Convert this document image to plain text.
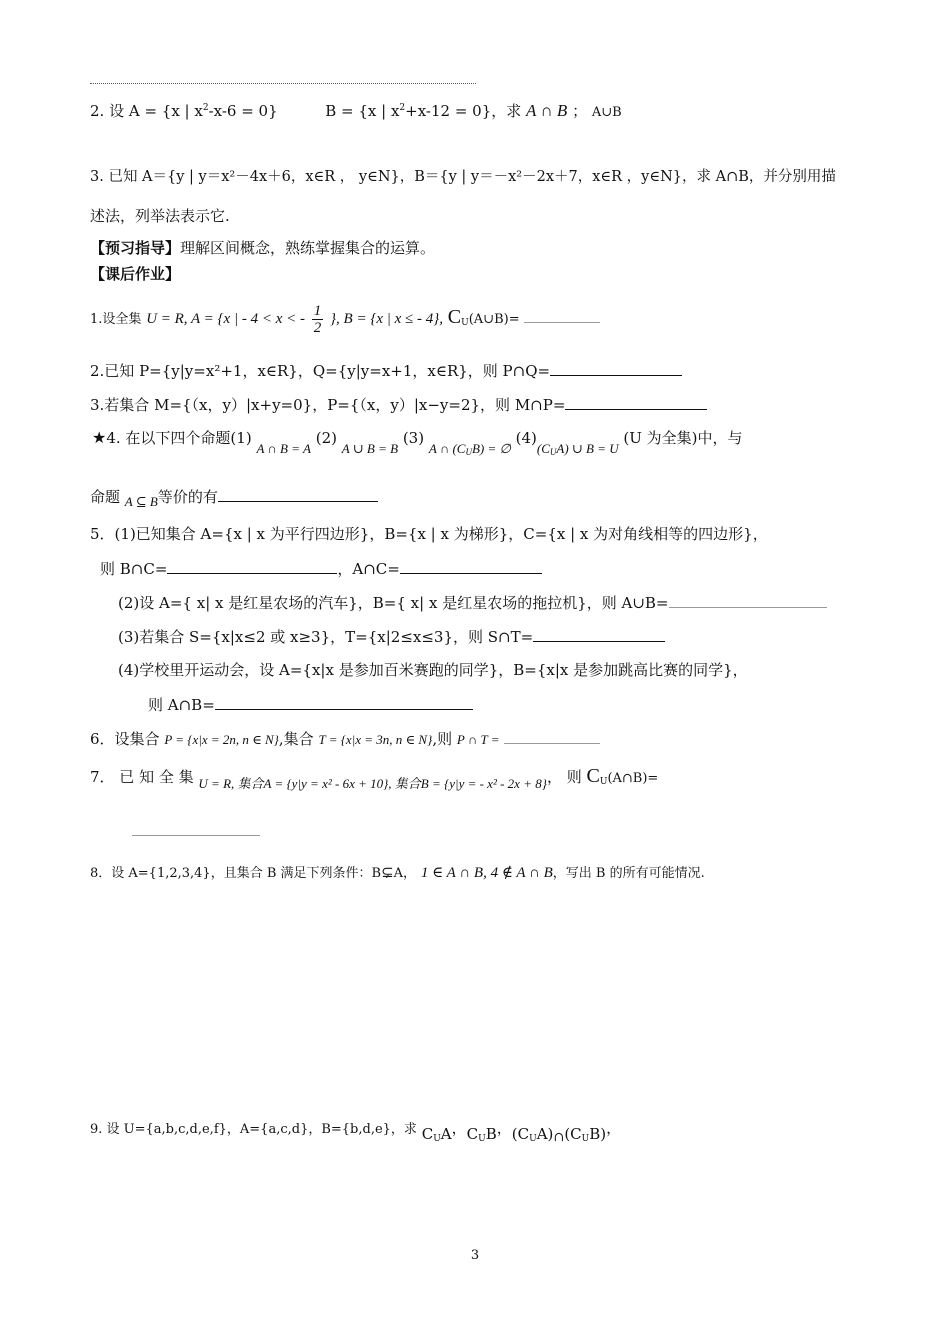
2. 设 A = {x | $x^2-x-6 = 0$}	B = {x | $x^2+x-12 = 0$}，求 A ∩ B ； A∪B
3. 已知 A＝{y | y＝x²－4x＋6，x∈R ， y∈N}，B＝{y | y＝－x²－2x＋7，x∈R ，y∈N}，求 A∩B，并分别用描
述法，列举法表示它.
【预习指导】理解区间概念，熟练掌握集合的运算。
【课后作业】
1.设全集 U = R, A = {x | - 4 < x < - $\frac{1}{2}$ }, B = {x | x ≤ - 4}, $C_U(A\cup B)=$
2.已知 P={y|y=x²+1，x∈R}，Q={y|y=x+1，x∈R}，则 P∩Q=
3.若集合 M={（x，y）|x+y=0}，P={（x，y）|x−y=2}，则 M∩P=
★4. 在以下四个命题(1) A ∩ B = A (2) A ∪ B = B (3) A ∩ $(C_UB)$ = ∅ $(4)(C_UA)$ ∪ B = U (U 为全集)中，与
命题 A ⊆ B等价的有
5．(1)已知集合 A={x | x 为平行四边形}，B={x | x 为梯形}，C={x | x 为对角线相等的四边形}，
则 B∩C=	，A∩C=
(2)设 A={ x| x 是红星农场的汽车}，B={ x| x 是红星农场的拖拉机}，则 A∪B=
(3)若集合 S={x|x≤2 或 x≥3}，T={x|2≤x≤3}，则 S∩T=
(4)学校里开运动会，设 A={x|x 是参加百米赛跑的同学}，B={x|x 是参加跳高比赛的同学}，
则 A∩B=
6．设集合 P = {x|x = 2n, n ∈ N},集合 T = {x|x = 3n, n ∈ N},则 P ∩ T =
7． 已 知 全 集 U = R, 集合A = {y|y = x² - 6x + 10}, 集合B = {y|y = - x² - 2x + 8}， 则 $C_U(A\cap B)=$
8．设 A={1,2,3,4}，且集合 B 满足下列条件：B⊊A， 1 ∈ A ∩ B, 4 ∉ A ∩ B，写出 B 的所有可能情况.
9. 设 U={a,b,c,d,e,f}，A={a,c,d}，B={b,d,e}，求 $C_UA$，$C_UB$，$(C_UA)\cap(C_UB)$，
3
